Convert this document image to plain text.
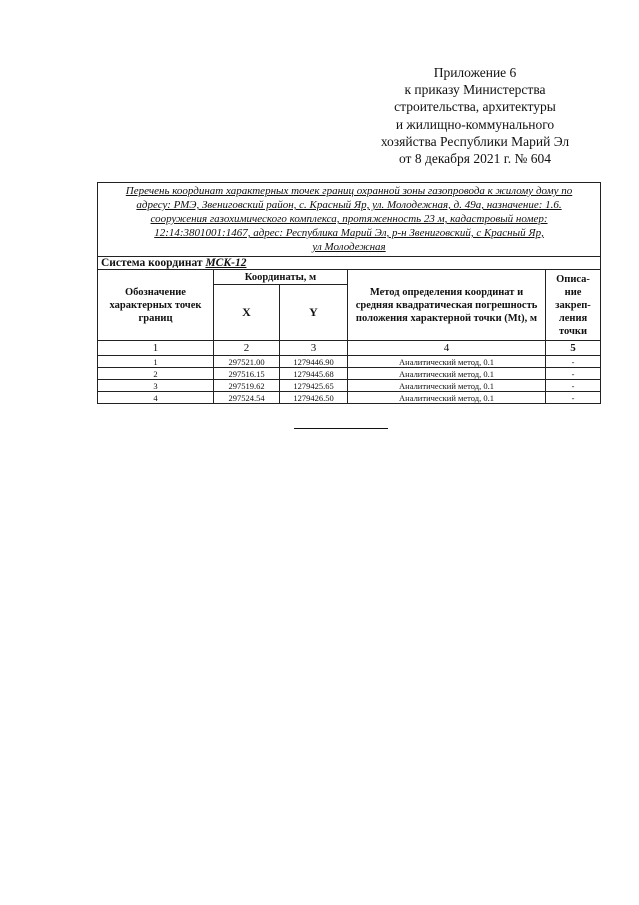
Приложение 6
к приказу Министерства
строительства, архитектуры
и жилищно-коммунального
хозяйства Республики Марий Эл
от 8 декабря 2021 г. № 604
Перечень координат характерных точек границ охранной зоны газопровода к жилому дому по
адресу: РМЭ, Звениговский район, с. Красный Яр, ул. Молодежная, д. 49а, назначение: 1.6.
сооружения газохимического комплекса, протяженность 23 м, кадастровый номер:
12:14:3801001:1467, адрес: Республика Марий Эл, р-н Звениговский, с Красный Яр,
ул Молодежная				

Система координат МСК-12				
Обозначение характерных точек границ	Координаты, м		Метод определения координат и средняя квадратическая погрешность положения характерной точки (Mt), м	Описа-ние закреп-ления точки
	X	Y		
1	2	3	4	5
1	297521.00	1279446.90	Аналитический метод, 0.1	-
2	297516.15	1279445.68	Аналитический метод, 0.1	-
3	297519.62	1279425.65	Аналитический метод, 0.1	-
4	297524.54	1279426.50	Аналитический метод, 0.1	-
